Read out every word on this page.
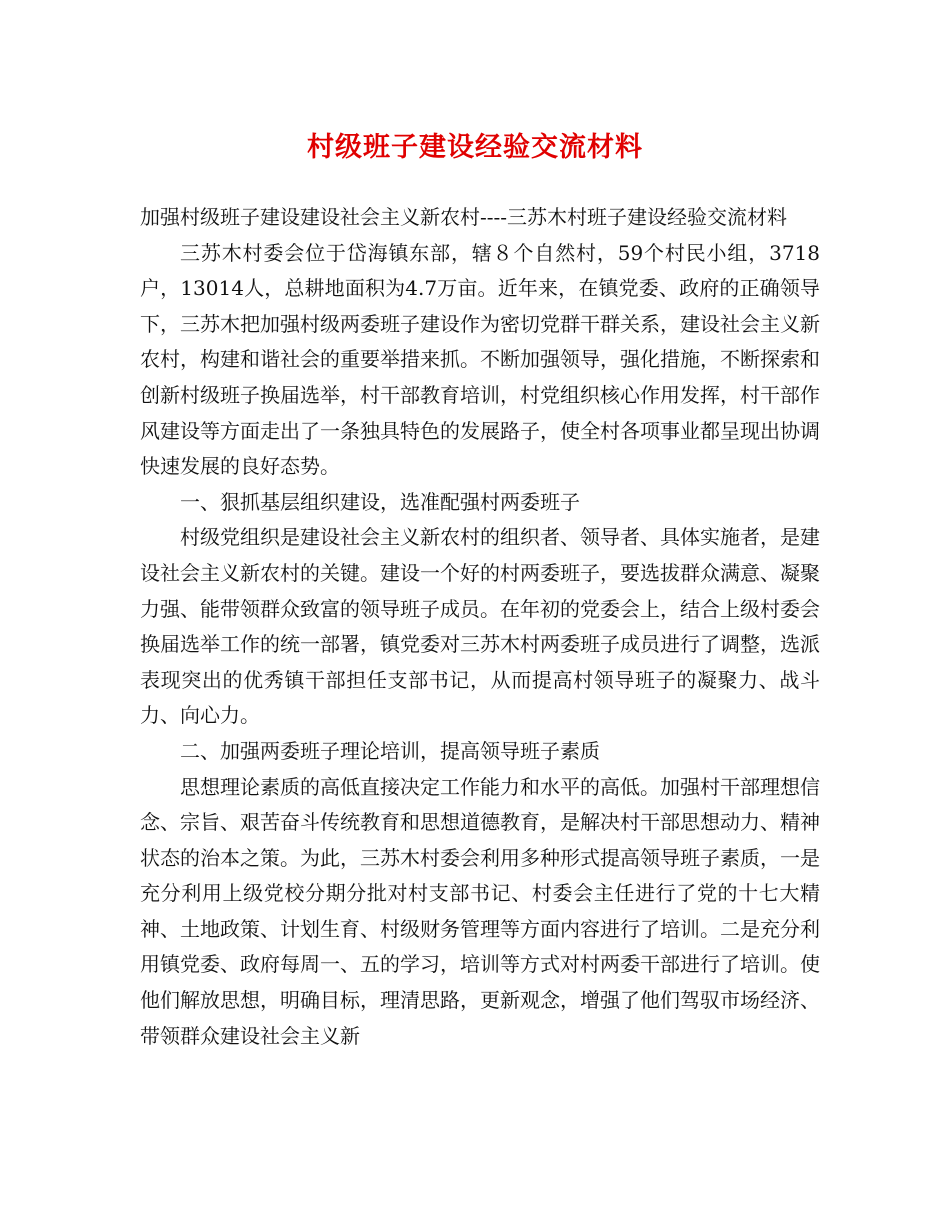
村级班子建设经验交流材料

加强村级班子建设建设社会主义新农村----三苏木村班子建设经验交流材料

三苏木村委会位于岱海镇东部，辖８个自然村，59个村民小组，3718户，13014人，总耕地面积为4.7万亩。近年来，在镇党委、政府的正确领导下，三苏木把加强村级两委班子建设作为密切党群干群关系，建设社会主义新农村，构建和谐社会的重要举措来抓。不断加强领导，强化措施，不断探索和创新村级班子换届选举，村干部教育培训，村党组织核心作用发挥，村干部作风建设等方面走出了一条独具特色的发展路子，使全村各项事业都呈现出协调快速发展的良好态势。

一、狠抓基层组织建设，选准配强村两委班子

村级党组织是建设社会主义新农村的组织者、领导者、具体实施者，是建设社会主义新农村的关键。建设一个好的村两委班子，要选拔群众满意、凝聚力强、能带领群众致富的领导班子成员。在年初的党委会上，结合上级村委会换届选举工作的统一部署，镇党委对三苏木村两委班子成员进行了调整，选派表现突出的优秀镇干部担任支部书记，从而提高村领导班子的凝聚力、战斗力、向心力。

二、加强两委班子理论培训，提高领导班子素质

思想理论素质的高低直接决定工作能力和水平的高低。加强村干部理想信念、宗旨、艰苦奋斗传统教育和思想道德教育，是解决村干部思想动力、精神状态的治本之策。为此，三苏木村委会利用多种形式提高领导班子素质，一是充分利用上级党校分期分批对村支部书记、村委会主任进行了党的十七大精神、土地政策、计划生育、村级财务管理等方面内容进行了培训。二是充分利用镇党委、政府每周一、五的学习，培训等方式对村两委干部进行了培训。使他们解放思想，明确目标，理清思路，更新观念，增强了他们驾驭市场经济、带领群众建设社会主义新
